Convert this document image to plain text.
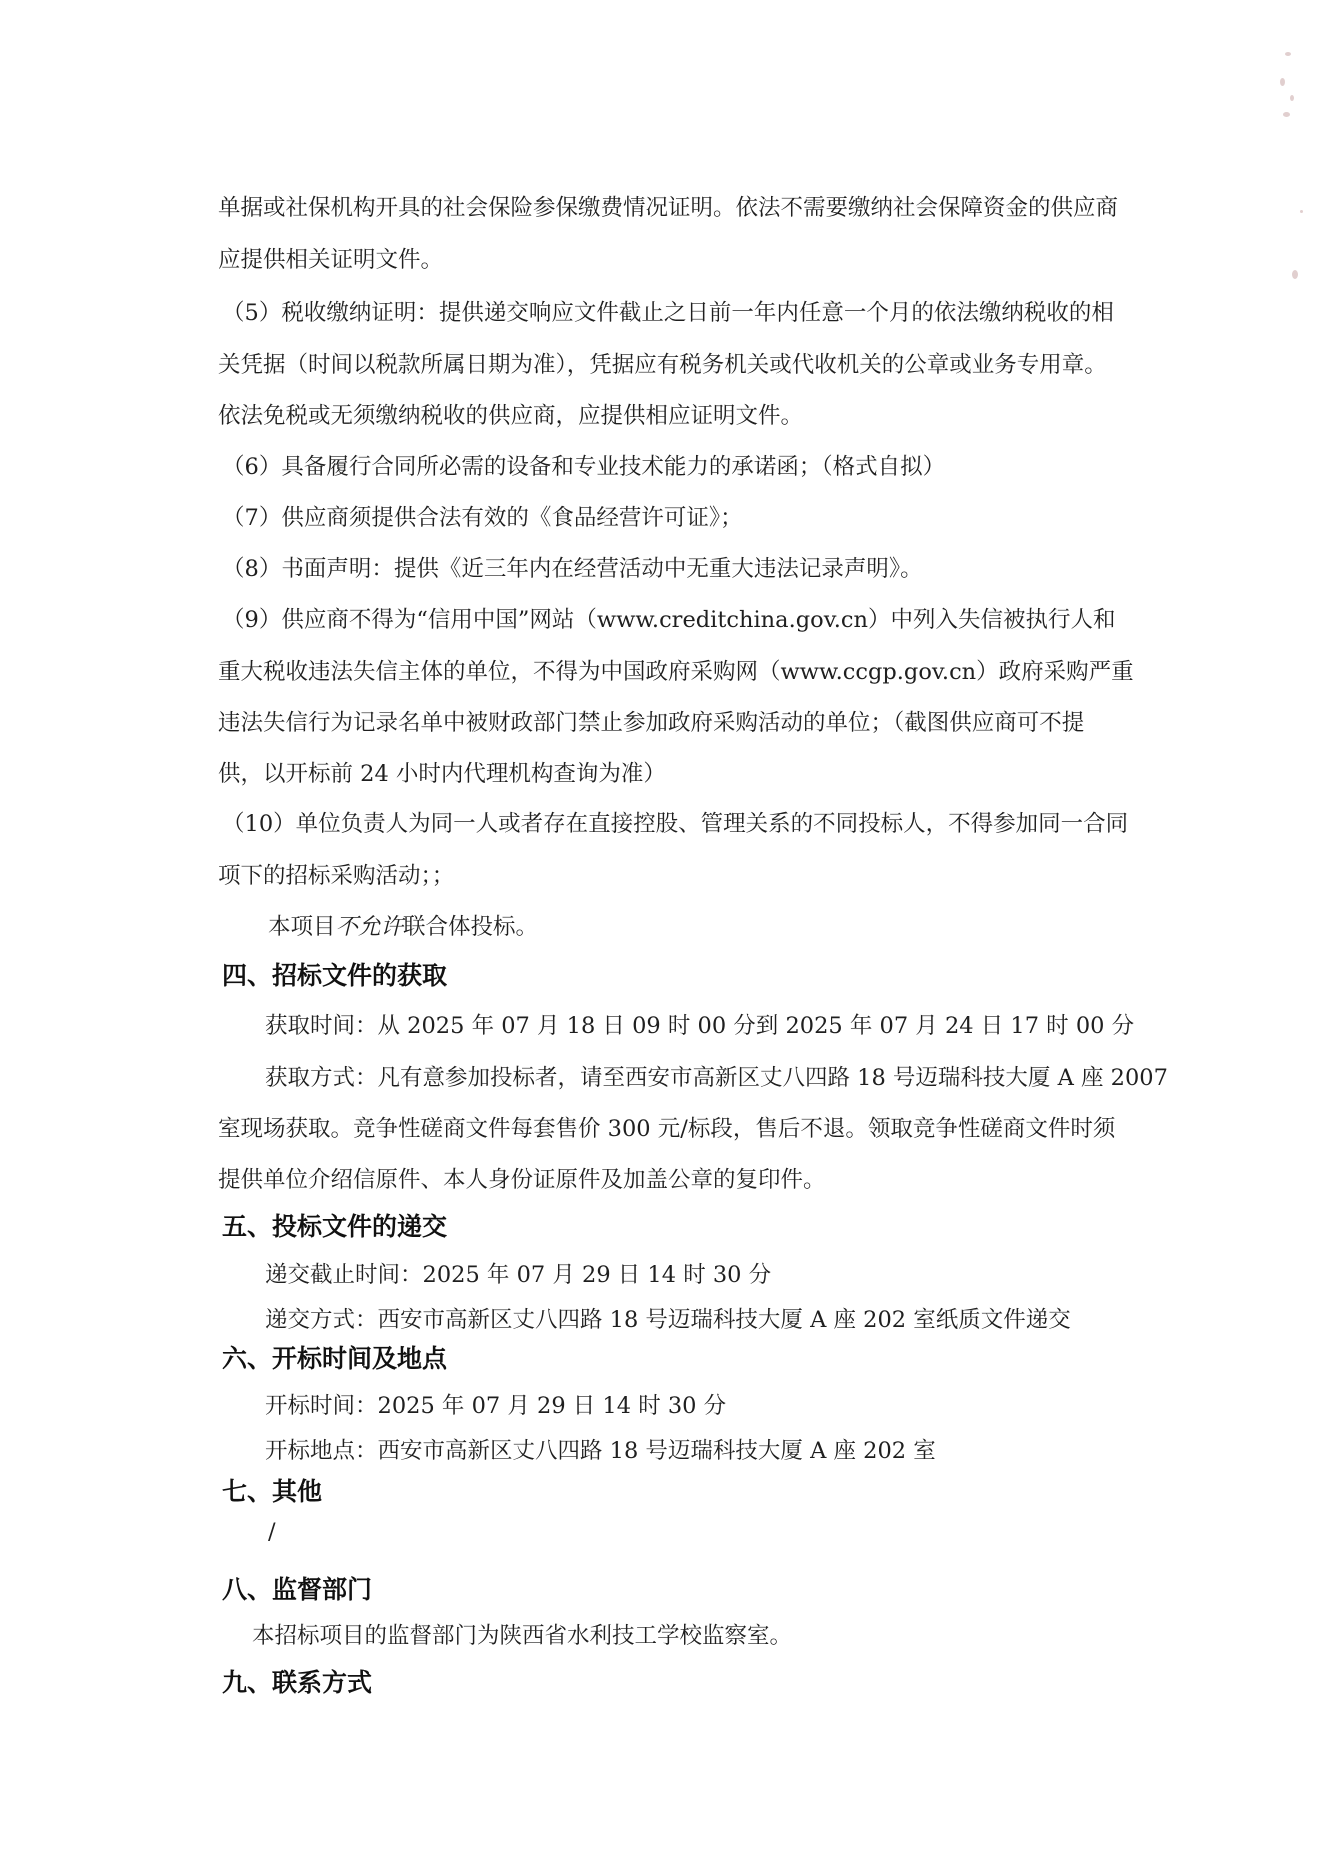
单据或社保机构开具的社会保险参保缴费情况证明。依法不需要缴纳社会保障资金的供应商
应提供相关证明文件。
（5）税收缴纳证明：提供递交响应文件截止之日前一年内任意一个月的依法缴纳税收的相
关凭据（时间以税款所属日期为准），凭据应有税务机关或代收机关的公章或业务专用章。
依法免税或无须缴纳税收的供应商，应提供相应证明文件。
（6）具备履行合同所必需的设备和专业技术能力的承诺函；（格式自拟）
（7）供应商须提供合法有效的《食品经营许可证》；
（8）书面声明：提供《近三年内在经营活动中无重大违法记录声明》。
（9）供应商不得为“信用中国”网站（www.creditchina.gov.cn）中列入失信被执行人和
重大税收违法失信主体的单位，不得为中国政府采购网（www.ccgp.gov.cn）政府采购严重
违法失信行为记录名单中被财政部门禁止参加政府采购活动的单位；（截图供应商可不提
供，以开标前 24 小时内代理机构查询为准）
（10）单位负责人为同一人或者存在直接控股、管理关系的不同投标人，不得参加同一合同
项下的招标采购活动；；
本项目不允许联合体投标。
四、招标文件的获取
获取时间：从 2025 年 07 月 18 日 09 时 00 分到 2025 年 07 月 24 日 17 时 00 分
获取方式：凡有意参加投标者，请至西安市高新区丈八四路 18 号迈瑞科技大厦 A 座 2007
室现场获取。竞争性磋商文件每套售价 300 元/标段，售后不退。领取竞争性磋商文件时须
提供单位介绍信原件、本人身份证原件及加盖公章的复印件。
五、投标文件的递交
递交截止时间：2025 年 07 月 29 日 14 时 30 分
递交方式：西安市高新区丈八四路 18 号迈瑞科技大厦 A 座 202 室纸质文件递交
六、开标时间及地点
开标时间：2025 年 07 月 29 日 14 时 30 分
开标地点：西安市高新区丈八四路 18 号迈瑞科技大厦 A 座 202 室
七、其他
/
八、监督部门
本招标项目的监督部门为陕西省水利技工学校监察室。
九、联系方式
